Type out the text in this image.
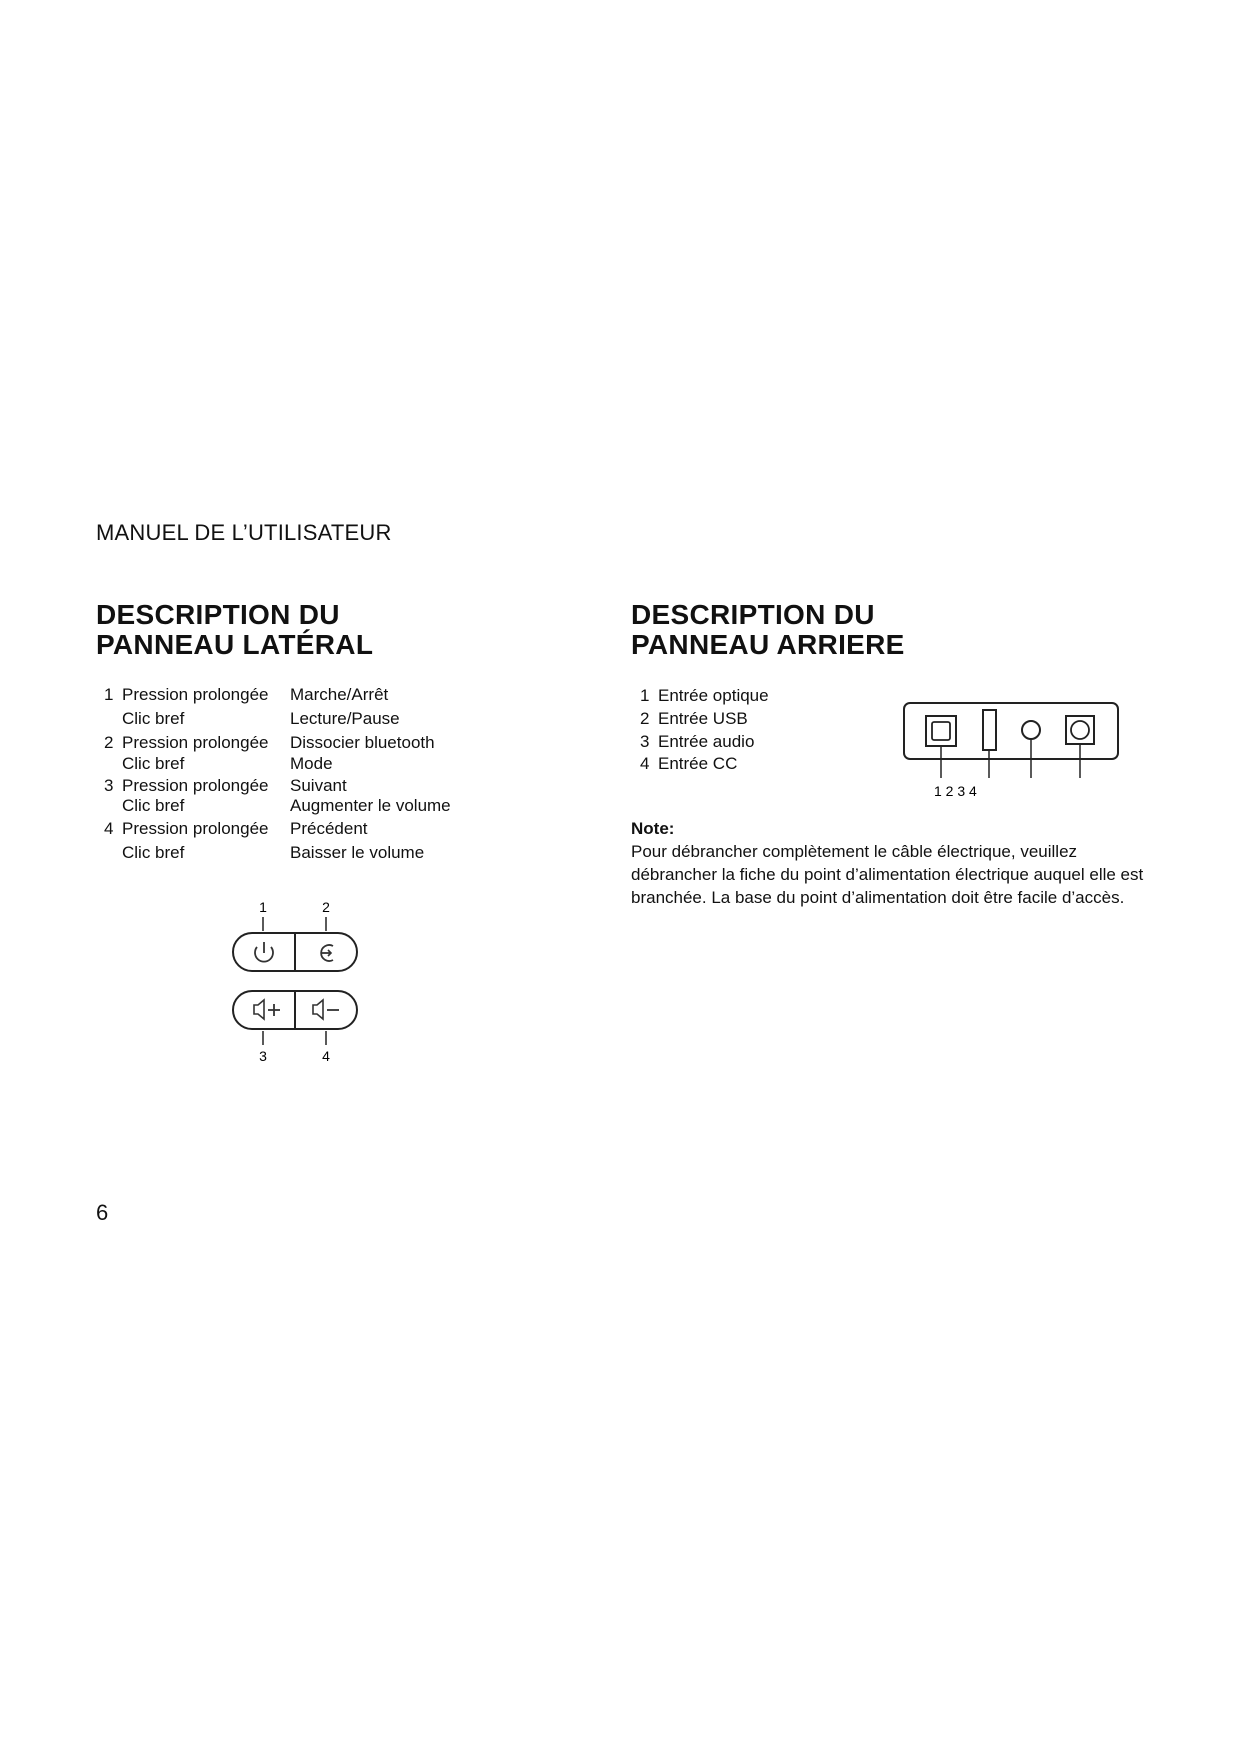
MANUEL DE L’UTILISATEUR
DESCRIPTION DU
PANNEAU LATÉRAL
1 Pression prolongée	Marche/Arrêt
Clic bref	Lecture/Pause
2 Pression prolongée	Dissocier bluetooth
Clic bref	Mode
3 Pression prolongée	Suivant
Clic bref	Augmenter le volume
4 Pression prolongée	Précédent
Clic bref	Baisser le volume
1	2
3	4
DESCRIPTION DU
PANNEAU ARRIERE
1 Entrée optique
2 Entrée USB
3 Entrée audio
4 Entrée CC
1 2 3 4
Note:
Pour débrancher complètement le câble électrique, veuillez débrancher la fiche du point d’alimentation électrique auquel elle est branchée. La base du point d’alimentation doit être facile d’accès.
6
